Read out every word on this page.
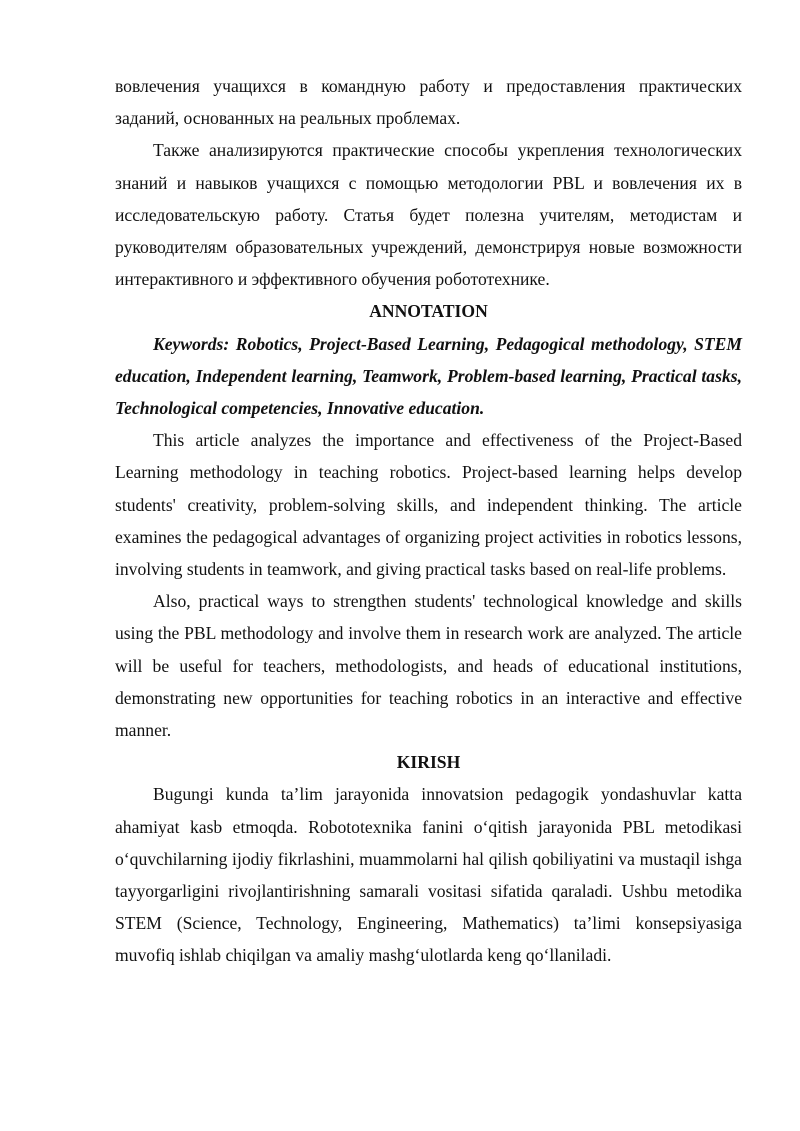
вовлечения учащихся в командную работу и предоставления практических заданий, основанных на реальных проблемах.

Также анализируются практические способы укрепления технологических знаний и навыков учащихся с помощью методологии PBL и вовлечения их в исследовательскую работу. Статья будет полезна учителям, методистам и руководителям образовательных учреждений, демонстрируя новые возможности интерактивного и эффективного обучения робототехнике.

ANNOTATION

Keywords: Robotics, Project-Based Learning, Pedagogical methodology, STEM education, Independent learning, Teamwork, Problem-based learning, Practical tasks, Technological competencies, Innovative education.

This article analyzes the importance and effectiveness of the Project-Based Learning methodology in teaching robotics. Project-based learning helps develop students' creativity, problem-solving skills, and independent thinking. The article examines the pedagogical advantages of organizing project activities in robotics lessons, involving students in teamwork, and giving practical tasks based on real-life problems.

Also, practical ways to strengthen students' technological knowledge and skills using the PBL methodology and involve them in research work are analyzed. The article will be useful for teachers, methodologists, and heads of educational institutions, demonstrating new opportunities for teaching robotics in an interactive and effective manner.

KIRISH

Bugungi kunda ta’lim jarayonida innovatsion pedagogik yondashuvlar katta ahamiyat kasb etmoqda. Robototexnika fanini o‘qitish jarayonida PBL metodikasi o‘quvchilarning ijodiy fikrlashini, muammolarni hal qilish qobiliyatini va mustaqil ishga tayyorgarligini rivojlantirishning samarali vositasi sifatida qaraladi. Ushbu metodika STEM (Science, Technology, Engineering, Mathematics) ta’limi konsepsiyasiga muvofiq ishlab chiqilgan va amaliy mashg‘ulotlarda keng qo‘llaniladi.
